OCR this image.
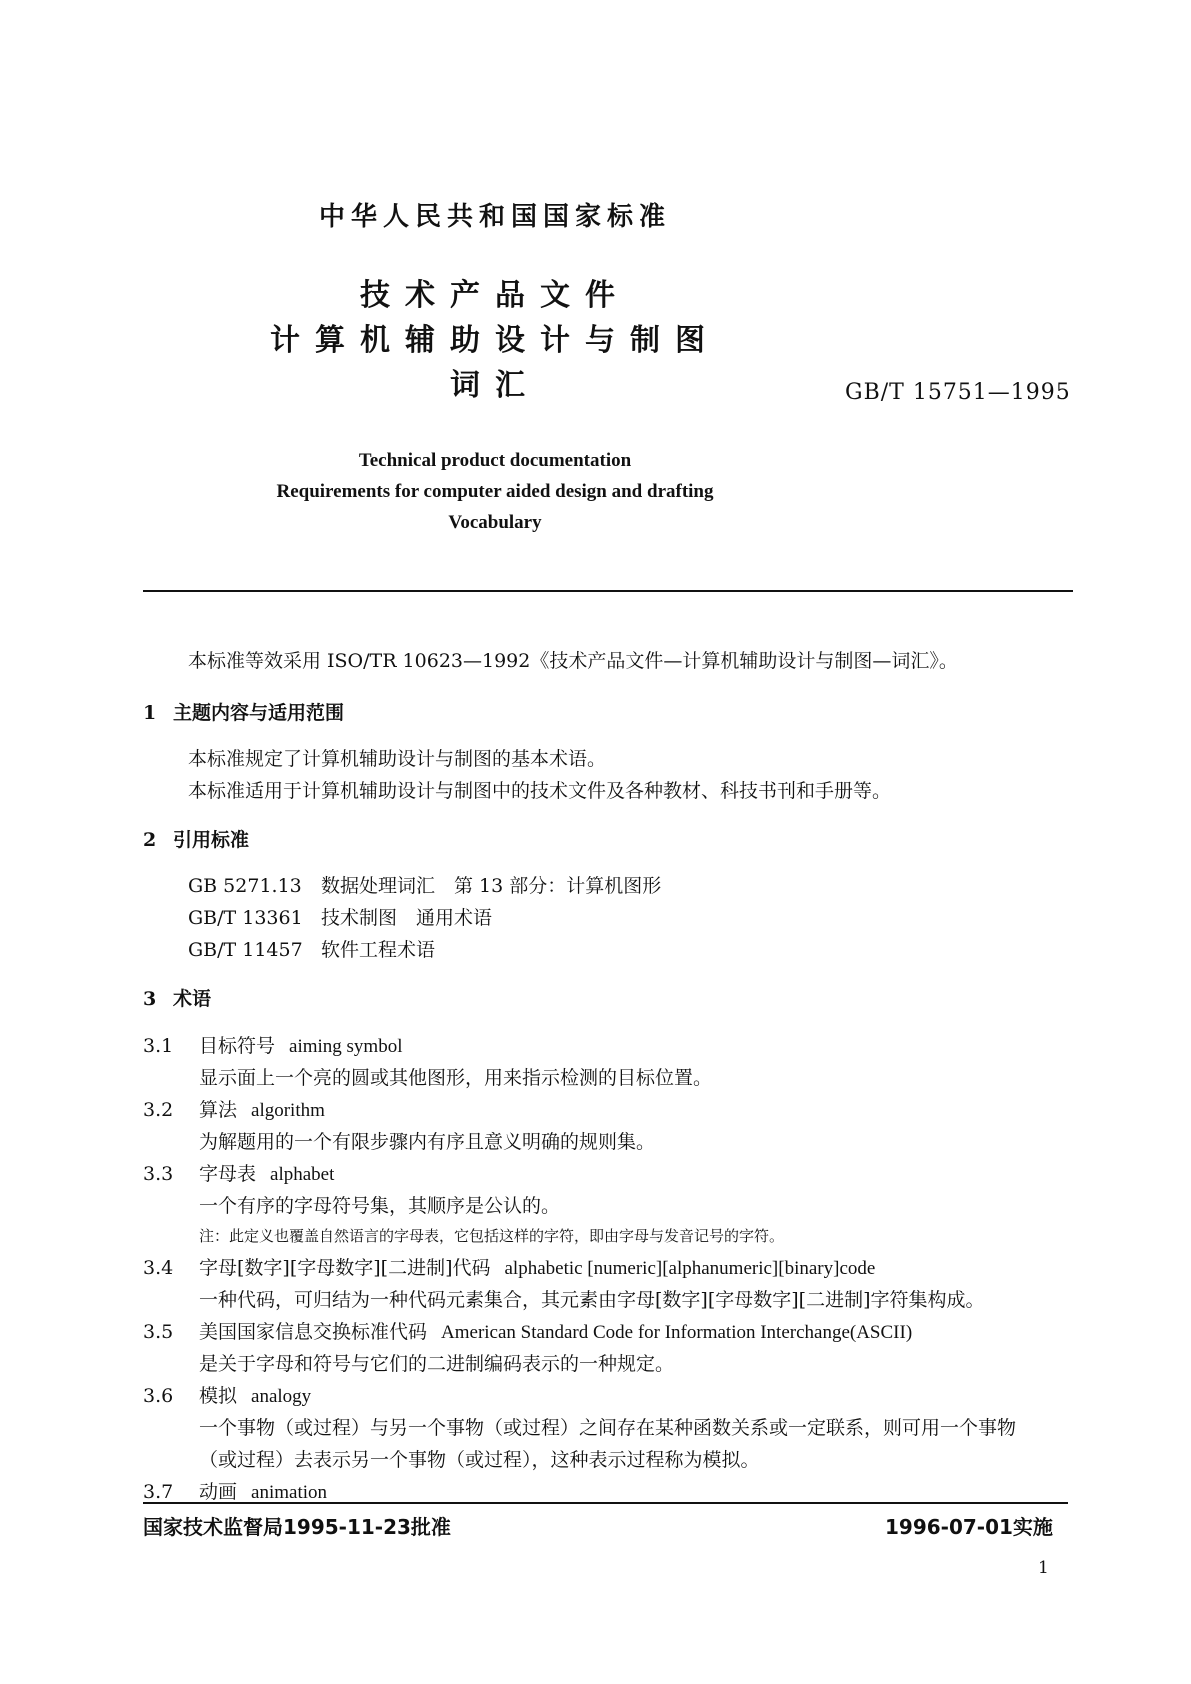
中华人民共和国国家标准
技术产品文件
计算机辅助设计与制图
词汇	GB/T 15751—1995
Technical product documentation
Requirements for computer aided design and drafting
Vocabulary
本标准等效采用 ISO/TR 10623—1992《技术产品文件—计算机辅助设计与制图—词汇》。
1 主题内容与适用范围
本标准规定了计算机辅助设计与制图的基本术语。
本标准适用于计算机辅助设计与制图中的技术文件及各种教材、科技书刊和手册等。
2 引用标准
GB 5271.13 数据处理词汇　第 13 部分：计算机图形
GB/T 13361 技术制图　通用术语
GB/T 11457 软件工程术语
3 术语
3.1 目标符号 aiming symbol
显示面上一个亮的圆或其他图形，用来指示检测的目标位置。
3.2 算法 algorithm
为解题用的一个有限步骤内有序且意义明确的规则集。
3.3 字母表 alphabet
一个有序的字母符号集，其顺序是公认的。
注：此定义也覆盖自然语言的字母表，它包括这样的字符，即由字母与发音记号的字符。
3.4 字母[数字][字母数字][二进制]代码 alphabetic [numeric][alphanumeric][binary]code
一种代码，可归结为一种代码元素集合，其元素由字母[数字][字母数字][二进制]字符集构成。
3.5 美国国家信息交换标准代码 American Standard Code for Information Interchange(ASCII)
是关于字母和符号与它们的二进制编码表示的一种规定。
3.6 模拟 analogy
一个事物（或过程）与另一个事物（或过程）之间存在某种函数关系或一定联系，则可用一个事物
（或过程）去表示另一个事物（或过程），这种表示过程称为模拟。
3.7 动画 animation
国家技术监督局1995-11-23批准	1996-07-01实施
1
